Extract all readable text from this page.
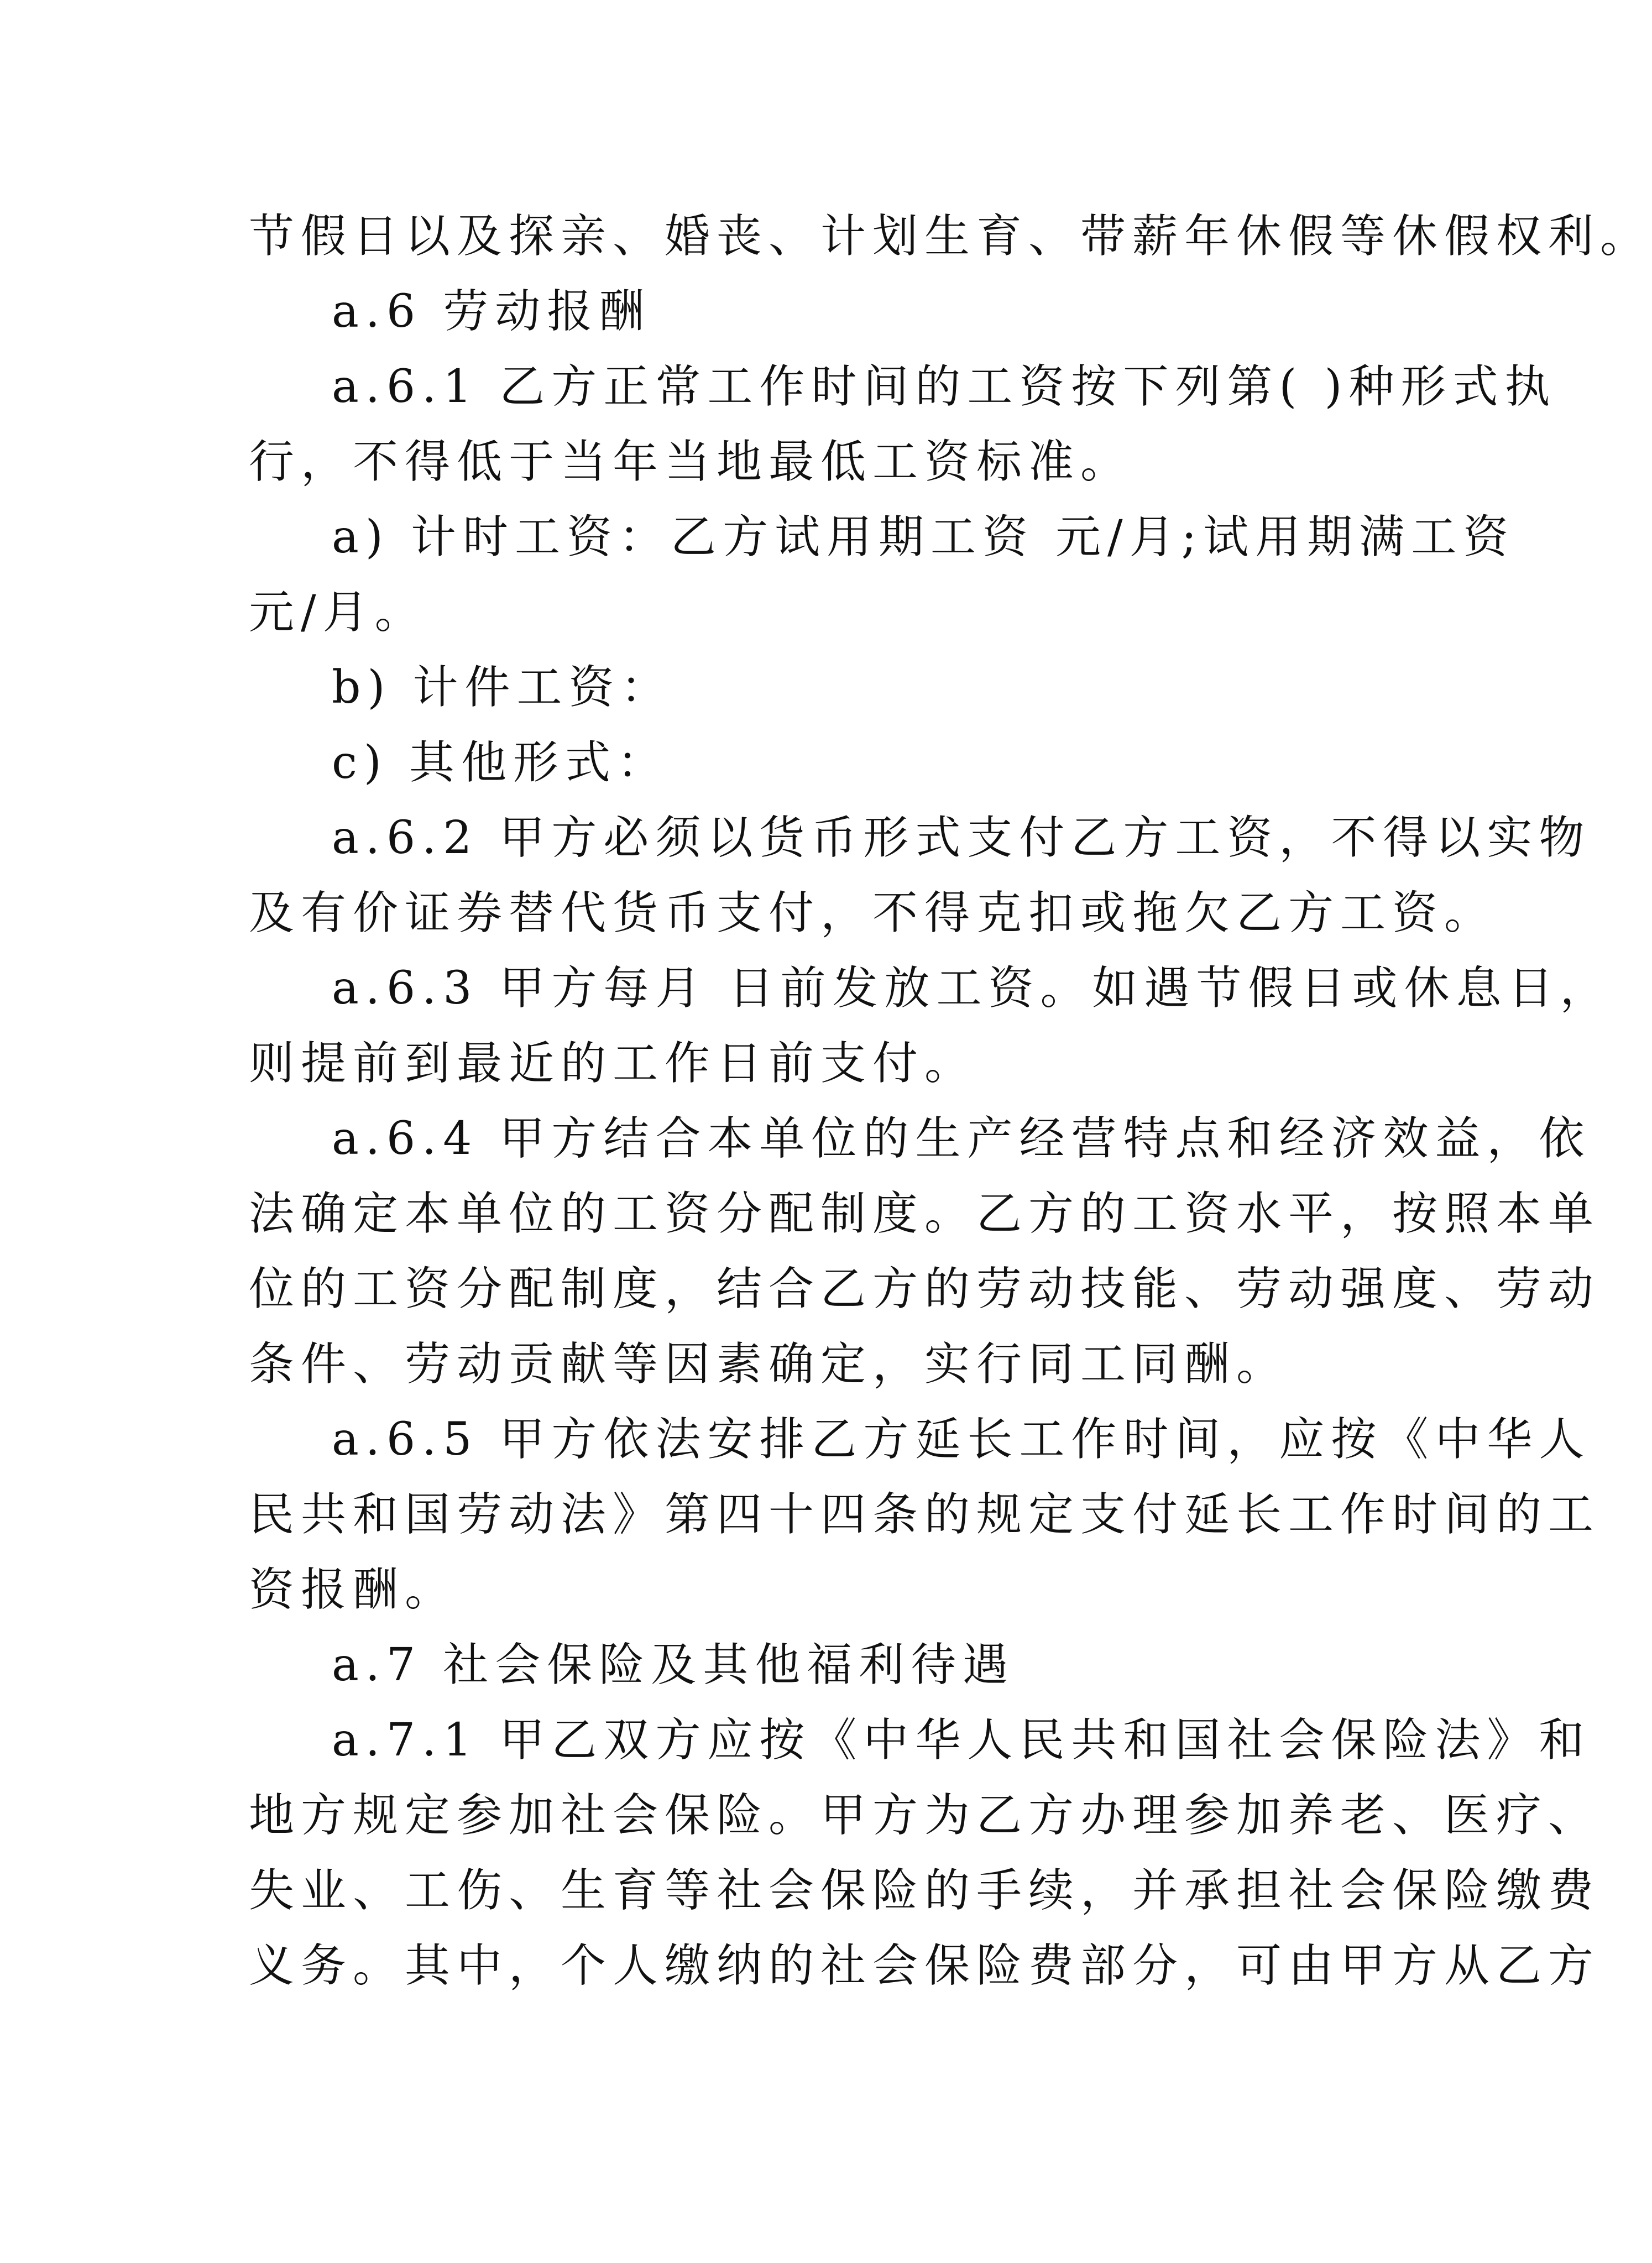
节假日以及探亲、婚丧、计划生育、带薪年休假等休假权利。
a.6 劳动报酬
a.6.1 乙方正常工作时间的工资按下列第( )种形式执
行，不得低于当年当地最低工资标准。
a) 计时工资：乙方试用期工资 元/月;试用期满工资
元/月。
b) 计件工资：
c) 其他形式：
a.6.2 甲方必须以货币形式支付乙方工资，不得以实物
及有价证券替代货币支付，不得克扣或拖欠乙方工资。
a.6.3 甲方每月 日前发放工资。如遇节假日或休息日，
则提前到最近的工作日前支付。
a.6.4 甲方结合本单位的生产经营特点和经济效益，依
法确定本单位的工资分配制度。乙方的工资水平，按照本单
位的工资分配制度，结合乙方的劳动技能、劳动强度、劳动
条件、劳动贡献等因素确定，实行同工同酬。
a.6.5 甲方依法安排乙方延长工作时间，应按《中华人
民共和国劳动法》第四十四条的规定支付延长工作时间的工
资报酬。
a.7 社会保险及其他福利待遇
a.7.1 甲乙双方应按《中华人民共和国社会保险法》和
地方规定参加社会保险。甲方为乙方办理参加养老、医疗、
失业、工伤、生育等社会保险的手续，并承担社会保险缴费
义务。其中，个人缴纳的社会保险费部分，可由甲方从乙方
